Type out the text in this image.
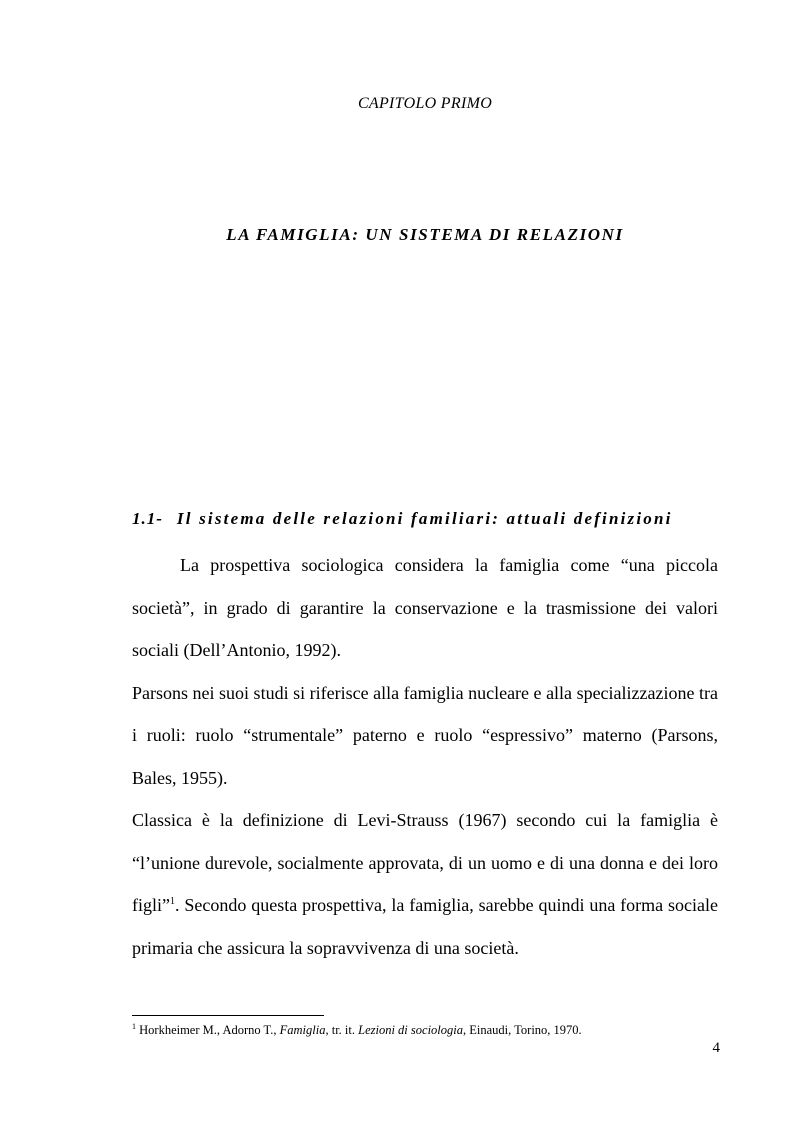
CAPITOLO PRIMO
LA FAMIGLIA: UN SISTEMA DI RELAZIONI
1.1- Il sistema delle relazioni familiari: attuali definizioni

La prospettiva sociologica considera la famiglia come “una piccola società”, in grado di garantire la conservazione e la trasmissione dei valori sociali (Dell’Antonio, 1992).

Parsons nei suoi studi si riferisce alla famiglia nucleare e alla specializzazione tra i ruoli: ruolo “strumentale” paterno e ruolo “espressivo” materno (Parsons, Bales, 1955).

Classica è la definizione di Levi-Strauss (1967) secondo cui la famiglia è “l’unione durevole, socialmente approvata, di un uomo e di una donna e dei loro figli”$^1$. Secondo questa prospettiva, la famiglia, sarebbe quindi una forma sociale primaria che assicura la sopravvivenza di una società.

$^1$ Horkheimer M., Adorno T., Famiglia, tr. it. Lezioni di sociologia, Einaudi, Torino, 1970.
4
